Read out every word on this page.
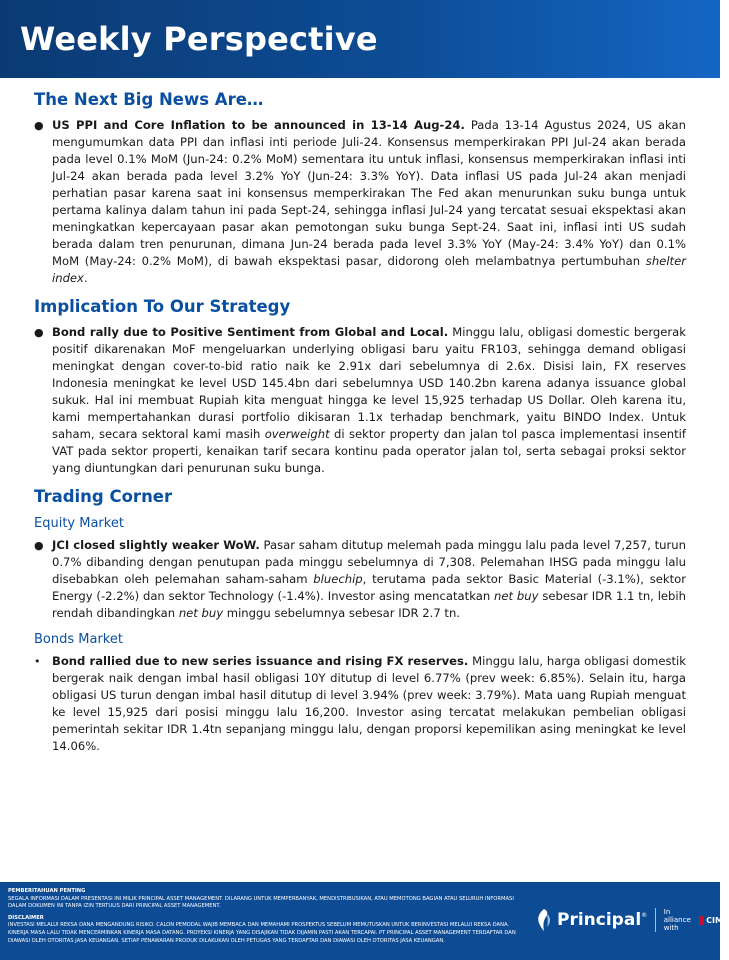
Weekly Perspective
The Next Big News Are…
● US PPI and Core Inflation to be announced in 13-14 Aug-24. Pada 13-14 Agustus 2024, US akan mengumumkan data PPI dan inflasi inti periode Juli-24. Konsensus memperkirakan PPI Jul-24 akan berada pada level 0.1% MoM (Jun-24: 0.2% MoM) sementara itu untuk inflasi, konsensus memperkirakan inflasi inti Jul-24 akan berada pada level 3.2% YoY (Jun-24: 3.3% YoY). Data inflasi US pada Jul-24 akan menjadi perhatian pasar karena saat ini konsensus memperkirakan The Fed akan menurunkan suku bunga untuk pertama kalinya dalam tahun ini pada Sept-24, sehingga inflasi Jul-24 yang tercatat sesuai ekspektasi akan meningkatkan kepercayaan pasar akan pemotongan suku bunga Sept-24. Saat ini, inflasi inti US sudah berada dalam tren penurunan, dimana Jun-24 berada pada level 3.3% YoY (May-24: 3.4% YoY) dan 0.1% MoM (May-24: 0.2% MoM), di bawah ekspektasi pasar, didorong oleh melambatnya pertumbuhan shelter index.
Implication To Our Strategy
● Bond rally due to Positive Sentiment from Global and Local. Minggu lalu, obligasi domestic bergerak positif dikarenakan MoF mengeluarkan underlying obligasi baru yaitu FR103, sehingga demand obligasi meningkat dengan cover-to-bid ratio naik ke 2.91x dari sebelumnya di 2.6x. Disisi lain, FX reserves Indonesia meningkat ke level USD 145.4bn dari sebelumnya USD 140.2bn karena adanya issuance global sukuk. Hal ini membuat Rupiah kita menguat hingga ke level 15,925 terhadap US Dollar. Oleh karena itu, kami mempertahankan durasi portfolio dikisaran 1.1x terhadap benchmark, yaitu BINDO Index. Untuk saham, secara sektoral kami masih overweight di sektor property dan jalan tol pasca implementasi insentif VAT pada sektor properti, kenaikan tarif secara kontinu pada operator jalan tol, serta sebagai proksi sektor yang diuntungkan dari penurunan suku bunga.
Trading Corner
Equity Market
● JCI closed slightly weaker WoW. Pasar saham ditutup melemah pada minggu lalu pada level 7,257, turun 0.7% dibanding dengan penutupan pada minggu sebelumnya di 7,308. Pelemahan IHSG pada minggu lalu disebabkan oleh pelemahan saham-saham bluechip, terutama pada sektor Basic Material (-3.1%), sektor Energy (-2.2%) dan sektor Technology (-1.4%). Investor asing mencatatkan net buy sebesar IDR 1.1 tn, lebih rendah dibandingkan net buy minggu sebelumnya sebesar IDR 2.7 tn.
Bonds Market
• Bond rallied due to new series issuance and rising FX reserves. Minggu lalu, harga obligasi domestik bergerak naik dengan imbal hasil obligasi 10Y ditutup di level 6.77% (prev week: 6.85%). Selain itu, harga obligasi US turun dengan imbal hasil ditutup di level 3.94% (prev week: 3.79%). Mata uang Rupiah menguat ke level 15,925 dari posisi minggu lalu 16,200. Investor asing tercatat melakukan pembelian obligasi pemerintah sekitar IDR 1.4tn sepanjang minggu lalu, dengan proporsi kepemilikan asing meningkat ke level 14.06%.
PEMBERITAHUAN PENTING
SEGALA INFORMASI DALAM PRESENTASI INI MILIK PRINCIPAL ASSET MANAGEMENT. DILARANG UNTUK MEMPERBANYAK, MENDISTRIBUSIKAN, ATAU MEMOTONG BAGIAN ATAU SELURUH INFORMASI DALAM DOKUMEN INI TANPA IZIN TERTULIS DARI PRINCIPAL ASSET MANAGEMENT.
DISCLAIMER
INVESTASI MELALUI REKSA DANA MENGANDUNG RISIKO. CALON PEMODAL WAJIB MEMBACA DAN MEMAHAMI PROSPEKTUS SEBELUM MEMUTUSKAN UNTUK BERINVESTASI MELALUI REKSA DANA. KINERJA MASA LALU TIDAK MENCERMINKAN KINERJA MASA DATANG. PROYEKSI KINERJA YANG DISAJIKAN TIDAK DIJAMIN PASTI AKAN TERCAPAI. PT PRINCIPAL ASSET MANAGEMENT TERDAFTAR DAN DIAWASI OLEH OTORITAS JASA KEUANGAN. SETIAP PENAWARAN PRODUK DILAKUKAN OLEH PETUGAS YANG TERDAFTAR DAN DIAWASI OLEH OTORITAS JASA KEUANGAN.
Principal ® In alliance with
CIMB
